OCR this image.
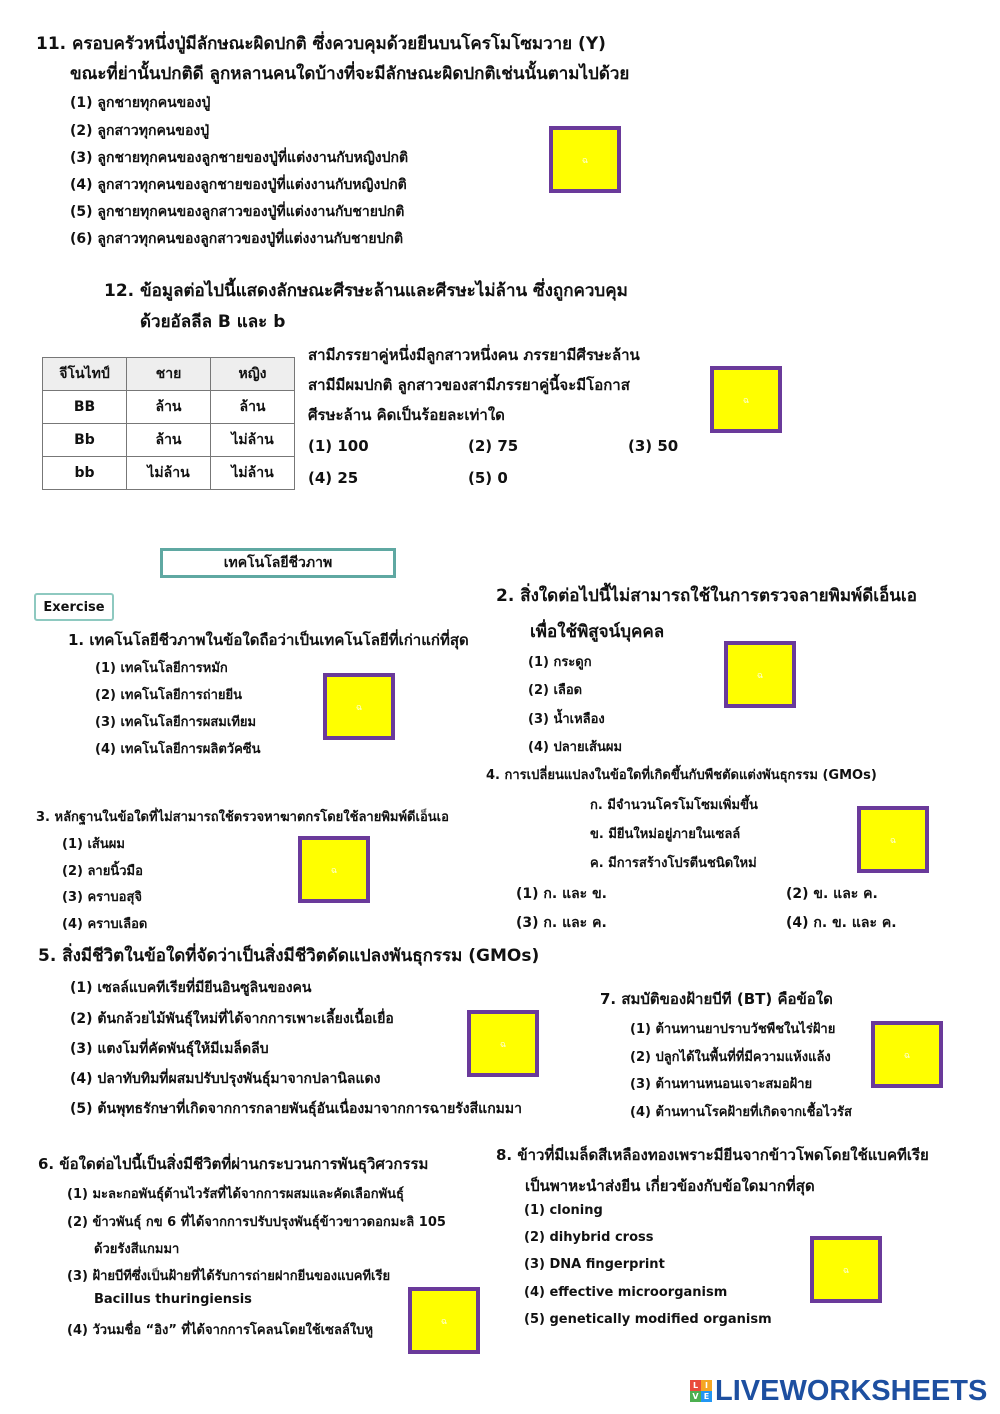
11. ครอบครัวหนึ่งปู่มีลักษณะผิดปกติ ซึ่งควบคุมด้วยยีนบนโครโมโซมวาย (Y)
ขณะที่ย่านั้นปกติดี ลูกหลานคนใดบ้างที่จะมีลักษณะผิดปกติเช่นนั้นตามไปด้วย
(1) ลูกชายทุกคนของปู่
(2) ลูกสาวทุกคนของปู่
(3) ลูกชายทุกคนของลูกชายของปู่ที่แต่งงานกับหญิงปกติ
(4) ลูกสาวทุกคนของลูกชายของปู่ที่แต่งงานกับหญิงปกติ
(5) ลูกชายทุกคนของลูกสาวของปู่ที่แต่งงานกับชายปกติ
(6) ลูกสาวทุกคนของลูกสาวของปู่ที่แต่งงานกับชายปกติ
ฉ
12. ข้อมูลต่อไปนี้แสดงลักษณะศีรษะล้านและศีรษะไม่ล้าน ซึ่งถูกควบคุม
ด้วยอัลลีล B และ b
จีโนไทป์	ชาย	หญิง
BB	ล้าน	ล้าน
Bb	ล้าน	ไม่ล้าน
bb	ไม่ล้าน	ไม่ล้าน
สามีภรรยาคู่หนึ่งมีลูกสาวหนึ่งคน ภรรยามีศีรษะล้าน
สามีมีผมปกติ ลูกสาวของสามีภรรยาคู่นี้จะมีโอกาส
ศีรษะล้าน คิดเป็นร้อยละเท่าใด
(1) 100	(2) 75	(3) 50
(4) 25	(5) 0
ฉ
เทคโนโลยีชีวภาพ
Exercise
1. เทคโนโลยีชีวภาพในข้อใดถือว่าเป็นเทคโนโลยีที่เก่าแก่ที่สุด
(1) เทคโนโลยีการหมัก
(2) เทคโนโลยีการถ่ายยีน
(3) เทคโนโลยีการผสมเทียม
(4) เทคโนโลยีการผลิตวัคซีน
ฉ
2. สิ่งใดต่อไปนี้ไม่สามารถใช้ในการตรวจลายพิมพ์ดีเอ็นเอ
เพื่อใช้พิสูจน์บุคคล
(1) กระดูก
(2) เลือด
(3) น้ำเหลือง
(4) ปลายเส้นผม
ฉ
3. หลักฐานในข้อใดที่ไม่สามารถใช้ตรวจหาฆาตกรโดยใช้ลายพิมพ์ดีเอ็นเอ
(1) เส้นผม
(2) ลายนิ้วมือ
(3) คราบอสุจิ
(4) คราบเลือด
ฉ
4. การเปลี่ยนแปลงในข้อใดที่เกิดขึ้นกับพืชตัดแต่งพันธุกรรม (GMOs)
ก. มีจำนวนโครโมโซมเพิ่มขึ้น
ข. มียีนใหม่อยู่ภายในเซลล์
ค. มีการสร้างโปรตีนชนิดใหม่
(1) ก. และ ข.	(2) ข. และ ค.
(3) ก. และ ค.	(4) ก. ข. และ ค.
ฉ
5. สิ่งมีชีวิตในข้อใดที่จัดว่าเป็นสิ่งมีชีวิตดัดแปลงพันธุกรรม (GMOs)
(1) เซลล์แบคทีเรียที่มียีนอินซูลินของคน
(2) ต้นกล้วยไม้พันธุ์ใหม่ที่ได้จากการเพาะเลี้ยงเนื้อเยื่อ
(3) แตงโมที่คัดพันธุ์ให้มีเมล็ดลีบ
(4) ปลาทับทิมที่ผสมปรับปรุงพันธุ์มาจากปลานิลแดง
(5) ต้นพุทธรักษาที่เกิดจากการกลายพันธุ์อันเนื่องมาจากการฉายรังสีแกมมา
ฉ
6. ข้อใดต่อไปนี้เป็นสิ่งมีชีวิตที่ผ่านกระบวนการพันธุวิศวกรรม
(1) มะละกอพันธุ์ต้านไวรัสที่ได้จากการผสมและคัดเลือกพันธุ์
(2) ข้าวพันธุ์ กข 6 ที่ได้จากการปรับปรุงพันธุ์ข้าวขาวดอกมะลิ 105
ด้วยรังสีแกมมา
(3) ฝ้ายบีทีซึ่งเป็นฝ้ายที่ได้รับการถ่ายฝากยีนของแบคทีเรีย
Bacillus thuringiensis
(4) วัวนมชื่อ “อิง” ที่ได้จากการโคลนโดยใช้เซลล์ใบหู
ฉ
7. สมบัติของฝ้ายบีที (BT) คือข้อใด
(1) ต้านทานยาปราบวัชพืชในไร่ฝ้าย
(2) ปลูกได้ในพื้นที่ที่มีความแห้งแล้ง
(3) ต้านทานหนอนเจาะสมอฝ้าย
(4) ต้านทานโรคฝ้ายที่เกิดจากเชื้อไวรัส
ฉ
8. ข้าวที่มีเมล็ดสีเหลืองทองเพราะมียีนจากข้าวโพดโดยใช้แบคทีเรีย
เป็นพาหะนำส่งยีน เกี่ยวข้องกับข้อใดมากที่สุด
(1) cloning
(2) dihybrid cross
(3) DNA fingerprint
(4) effective microorganism
(5) genetically modified organism
ฉ
L I
V E LIVEWORKSHEETS
